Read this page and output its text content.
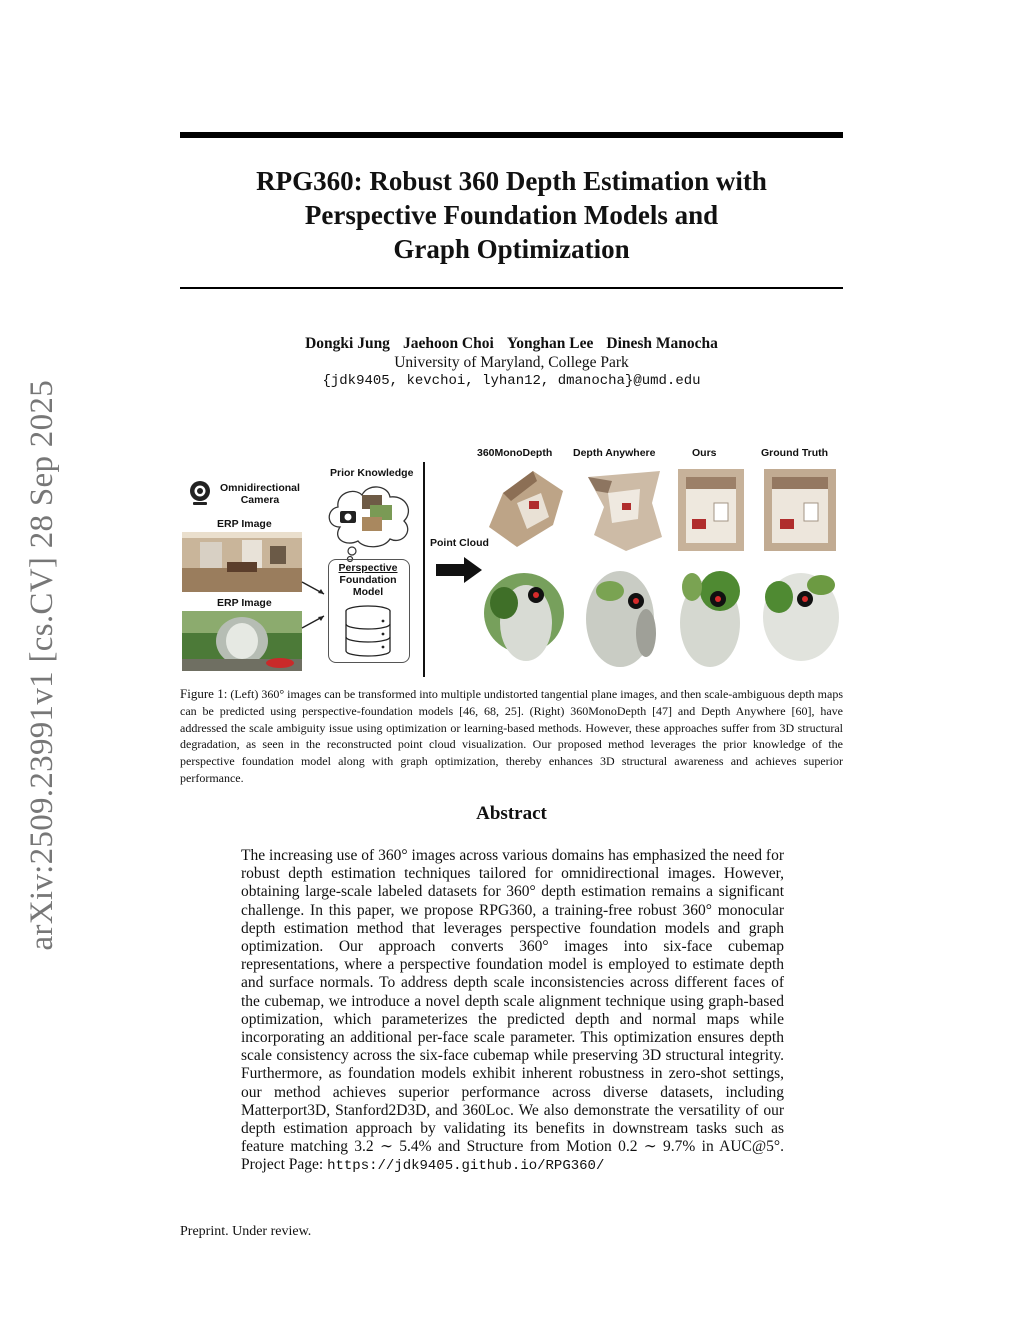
arXiv:2509.23991v1 [cs.CV] 28 Sep 2025
RPG360: Robust 360 Depth Estimation with
Perspective Foundation Models and
Graph Optimization
Dongki Jung Jaehoon Choi Yonghan Lee Dinesh Manocha
University of Maryland, College Park
{jdk9405, kevchoi, lyhan12, dmanocha}@umd.edu
Omnidirectional
Camera
ERP Image
ERP Image
Prior Knowledge
Perspective
Foundation
Model
Point Cloud
360MonoDepth Depth Anywhere	Ours	Ground Truth

Figure 1: (Left) 360° images can be transformed into multiple undistorted tangential plane images, and then scale-ambiguous depth maps can be predicted using perspective-foundation models [46, 68, 25]. (Right) 360MonoDepth [47] and Depth Anywhere [60], have addressed the scale ambiguity issue using optimization or learning-based methods. However, these approaches suffer from 3D structural degradation, as seen in the reconstructed point cloud visualization. Our proposed method leverages the prior knowledge of the perspective foundation model along with graph optimization, thereby enhances 3D structural awareness and achieves superior performance.

Abstract

The increasing use of 360° images across various domains has emphasized the need for robust depth estimation techniques tailored for omnidirectional images. However, obtaining large-scale labeled datasets for 360° depth estimation remains a significant challenge. In this paper, we propose RPG360, a training-free robust 360° monocular depth estimation method that leverages perspective foundation models and graph optimization. Our approach converts 360° images into six-face cubemap representations, where a perspective foundation model is employed to estimate depth and surface normals. To address depth scale inconsistencies across different faces of the cubemap, we introduce a novel depth scale alignment technique using graph-based optimization, which parameterizes the predicted depth and normal maps while incorporating an additional per-face scale parameter. This optimization ensures depth scale consistency across the six-face cubemap while preserving 3D structural integrity. Furthermore, as foundation models exhibit inherent robustness in zero-shot settings, our method achieves superior performance across diverse datasets, including Matterport3D, Stanford2D3D, and 360Loc. We also demonstrate the versatility of our depth estimation approach by validating its benefits in downstream tasks such as feature matching 3.2 ∼ 5.4% and Structure from Motion 0.2 ∼ 9.7% in AUC@5°. Project Page: https://jdk9405.github.io/RPG360/

Preprint. Under review.
